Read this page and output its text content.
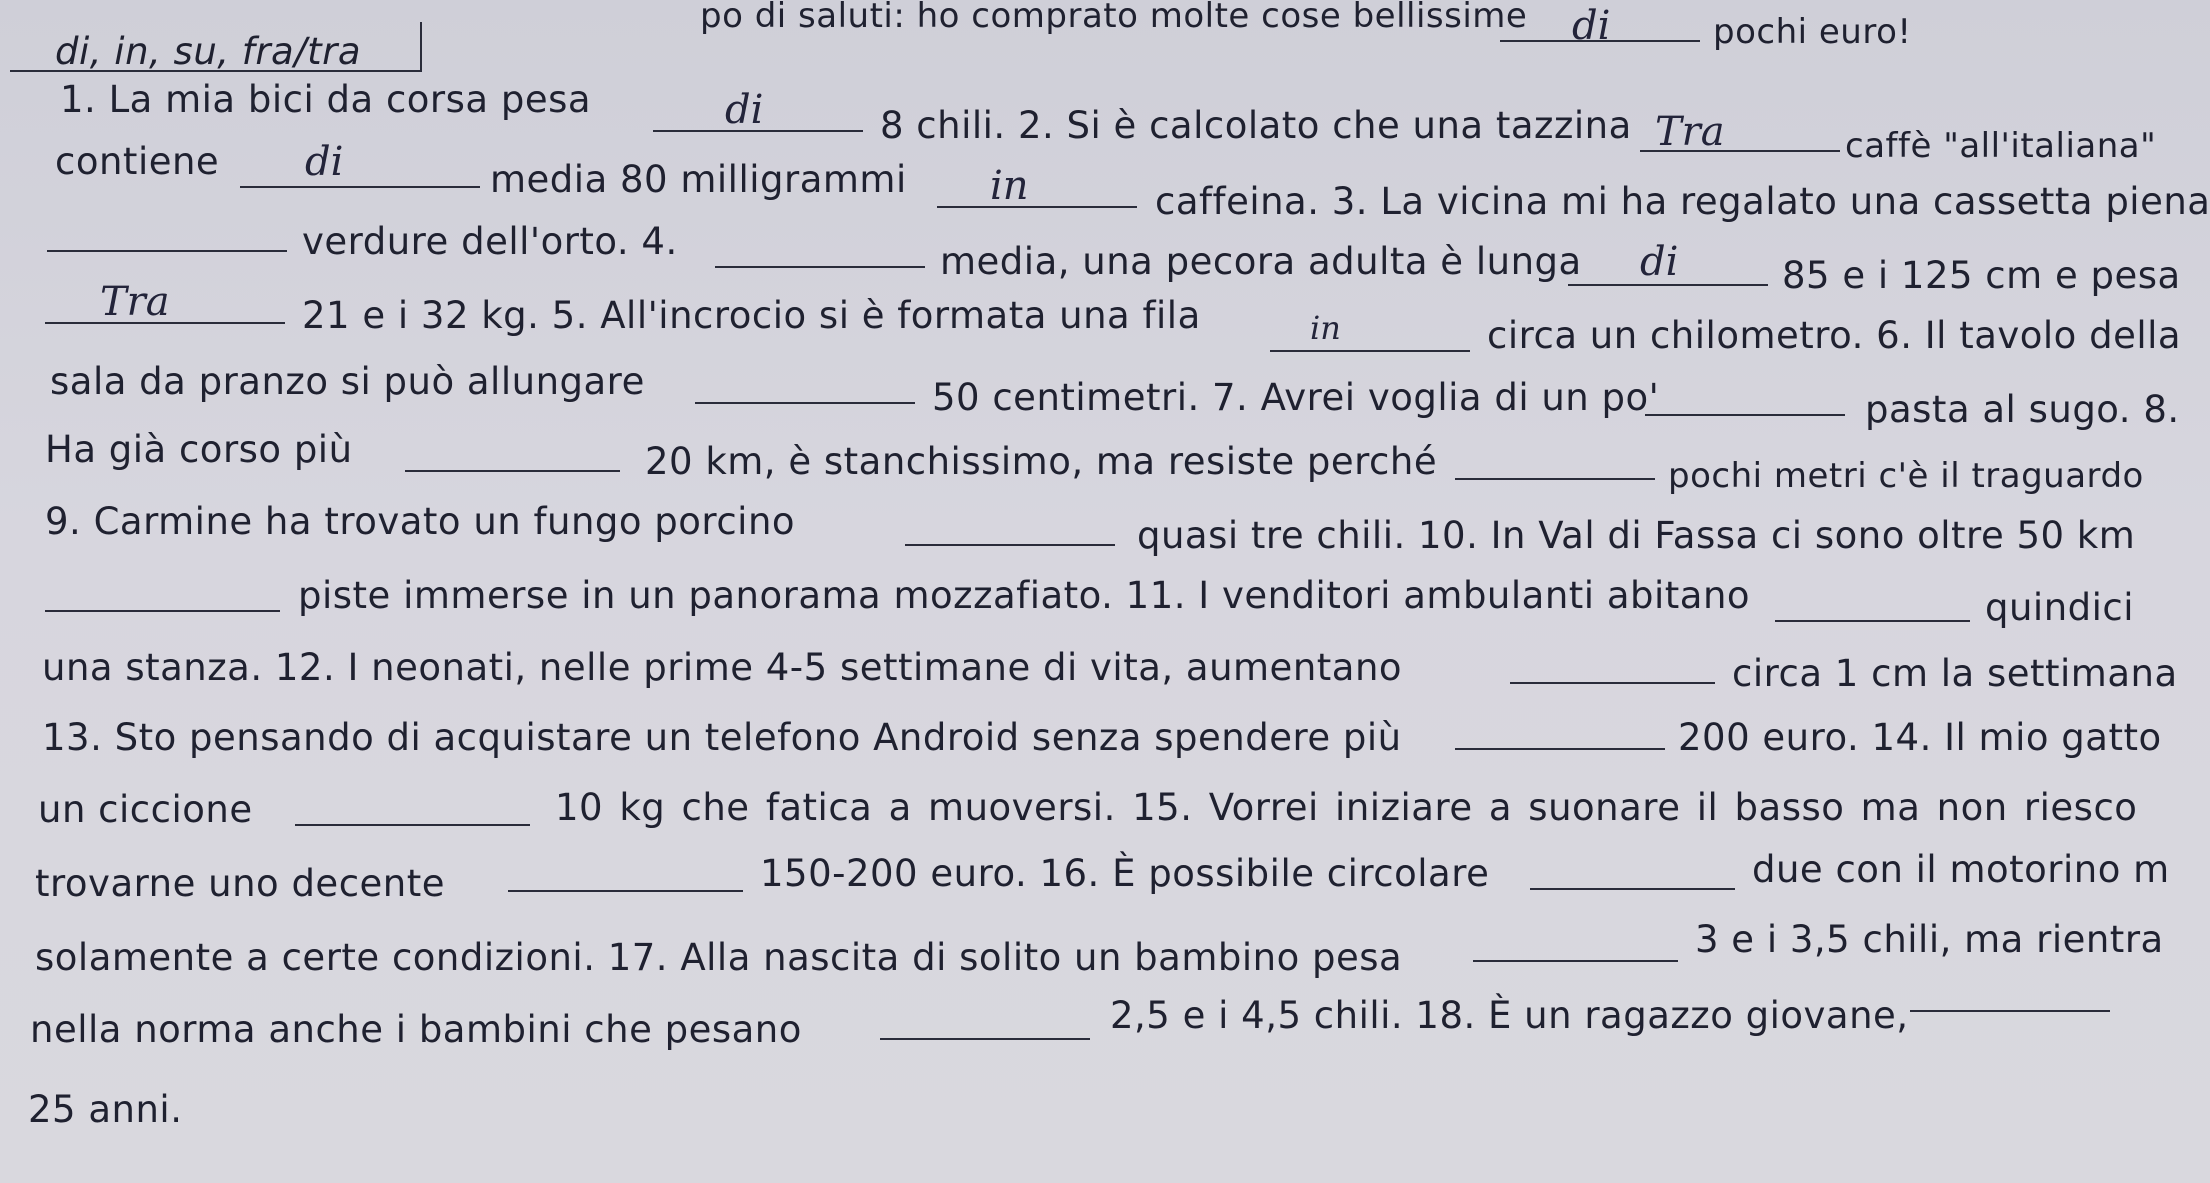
po di saluti: ho comprato molte cose bellissime di	pochi euro!
di, in, su, fra/tra
1. La mia bici da corsa pesa	di	8 chili. 2. Si è calcolato che una tazzina Tra	caffè "all'italiana"
contiene di	media 80 milligrammi in	caffeina. 3. La vicina mi ha regalato una cassetta piena
verdure dell'orto. 4.	media, una pecora adulta è lunga di	85 e i 125 cm e pesa
Tra	21 e i 32 kg. 5. All'incrocio si è formata una fila	in	circa un chilometro. 6. Il tavolo della
sala da pranzo si può allungare	50 centimetri. 7. Avrei voglia di un po'	pasta al sugo. 8.
Ha già corso più	20 km, è stanchissimo, ma resiste perché	pochi metri c'è il traguardo
9. Carmine ha trovato un fungo porcino	quasi tre chili. 10. In Val di Fassa ci sono oltre 50 km
piste immerse in un panorama mozzafiato. 11. I venditori ambulanti abitano	quindici
una stanza. 12. I neonati, nelle prime 4-5 settimane di vita, aumentano	circa 1 cm la settimana
13. Sto pensando di acquistare un telefono Android senza spendere più	200 euro. 14. Il mio gatto
un ciccione	10 kg che fatica a muoversi. 15. Vorrei iniziare a suonare il basso ma non riesco
trovarne uno decente	150-200 euro. 16. È possibile circolare	due con il motorino m
solamente a certe condizioni. 17. Alla nascita di solito un bambino pesa	3 e i 3,5 chili, ma rientra
nella norma anche i bambini che pesano	2,5 e i 4,5 chili. 18. È un ragazzo giovane,
25 anni.
